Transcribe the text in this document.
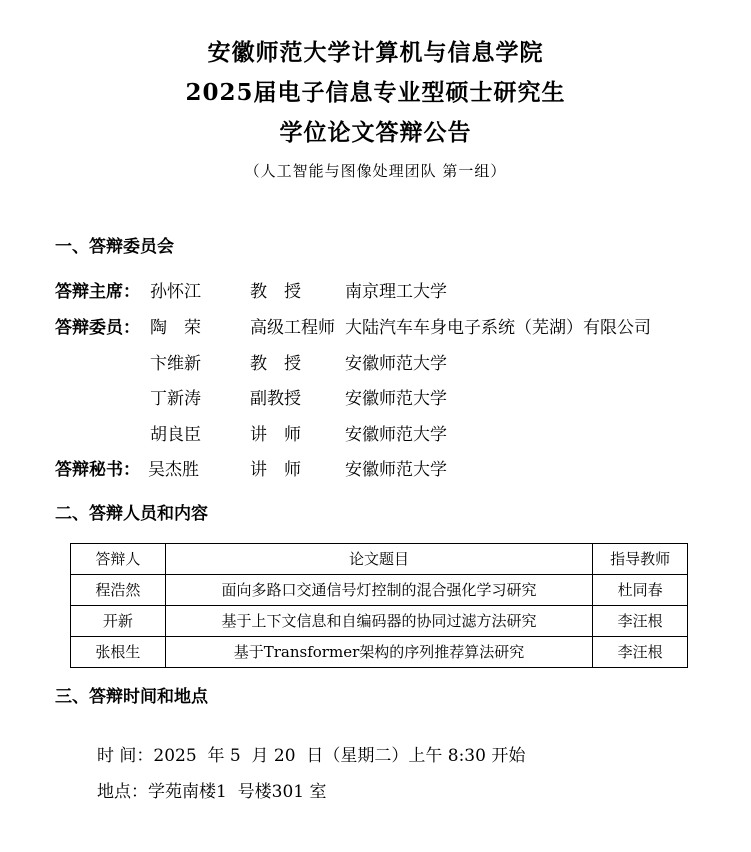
安徽师范大学计算机与信息学院
2025届电子信息专业型硕士研究生
学位论文答辩公告
（人工智能与图像处理团队 第一组）
一、答辩委员会
答辩主席： 孙怀江	教　授	南京理工大学
答辩委员： 陶　荣	高级工程师 大陆汽车车身电子系统（芜湖）有限公司
卞维新	教　授	安徽师范大学
丁新涛	副教授	安徽师范大学
胡良臣	讲　师	安徽师范大学
答辩秘书： 吴杰胜	讲　师	安徽师范大学
二、答辩人员和内容
答辩人	论文题目	指导教师
程浩然	面向多路口交通信号灯控制的混合强化学习研究	杜同春
开新	基于上下文信息和自编码器的协同过滤方法研究	李汪根
张根生	基于Transformer架构的序列推荐算法研究	李汪根
三、答辩时间和地点
时 间：2025  年 5  月 20  日（星期二）上午 8:30 开始
地点：学苑南楼1  号楼301 室
